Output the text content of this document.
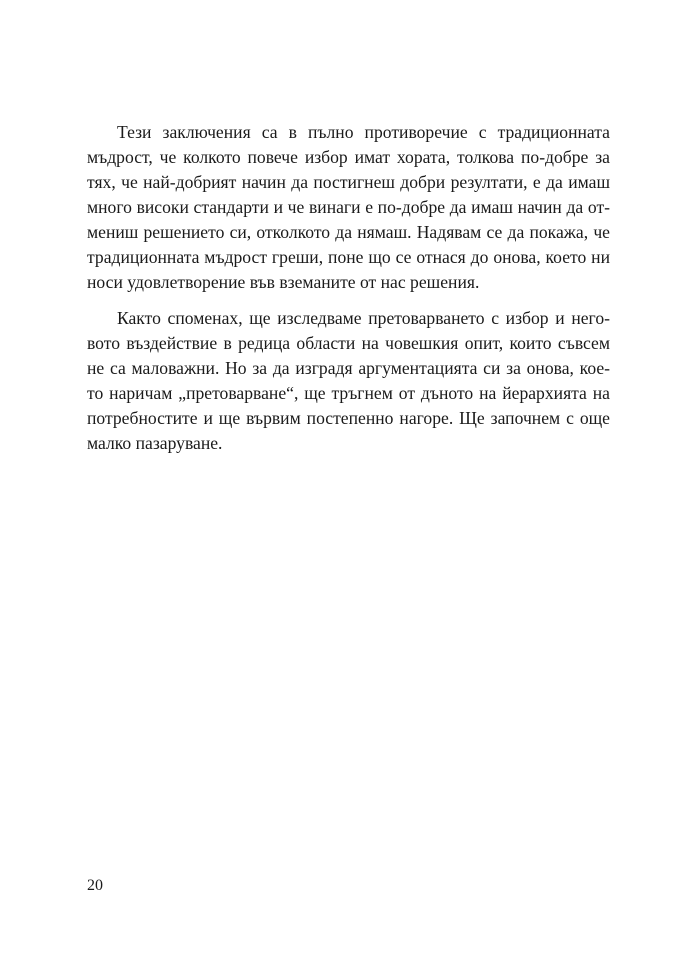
Тези заключения са в пълно противоречие с традиционната
мъдрост, че колкото повече избор имат хората, толкова по-добре за
тях, че най-добрият начин да постигнеш добри резултати, е да имаш
много високи стандарти и че винаги е по-добре да имаш начин да от-
мениш решението си, отколкото да нямаш. Надявам се да покажа, че
традиционната мъдрост греши, поне що се отнася до онова, което ни
носи удовлетворение във вземаните от нас решения.
Както споменах, ще изследваме претоварването с избор и него-
вото въздействие в редица области на човешкия опит, които съвсем
не са маловажни. Но за да изградя аргументацията си за онова, кое-
то наричам „претоварване“, ще тръгнем от дъното на йерархията на
потребностите и ще вървим постепенно нагоре. Ще започнем с още
малко пазаруване.
20
